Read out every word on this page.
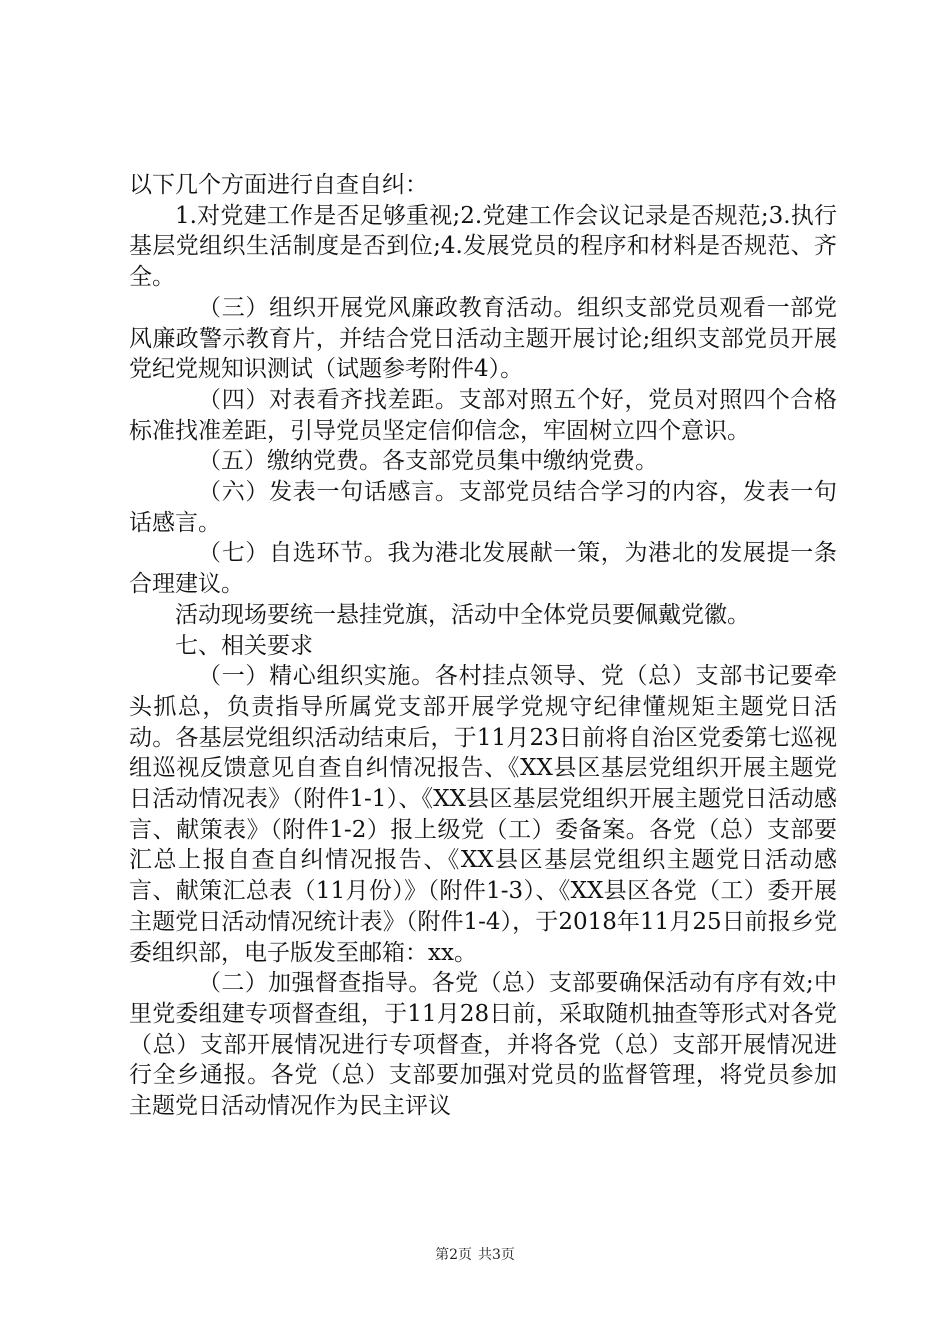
以下几个方面进行自查自纠：

1.对党建工作是否足够重视;2.党建工作会议记录是否规范;3.执行基层党组织生活制度是否到位;4.发展党员的程序和材料是否规范、齐全。

（三）组织开展党风廉政教育活动。组织支部党员观看一部党风廉政警示教育片，并结合党日活动主题开展讨论;组织支部党员开展党纪党规知识测试（试题参考附件4）。

（四）对表看齐找差距。支部对照五个好，党员对照四个合格标准找准差距，引导党员坚定信仰信念，牢固树立四个意识。

（五）缴纳党费。各支部党员集中缴纳党费。

（六）发表一句话感言。支部党员结合学习的内容，发表一句话感言。

（七）自选环节。我为港北发展献一策，为港北的发展提一条合理建议。

活动现场要统一悬挂党旗，活动中全体党员要佩戴党徽。

七、相关要求

（一）精心组织实施。各村挂点领导、党（总）支部书记要牵头抓总，负责指导所属党支部开展学党规守纪律懂规矩主题党日活动。各基层党组织活动结束后，于11月23日前将自治区党委第七巡视组巡视反馈意见自查自纠情况报告、《XX县区基层党组织开展主题党日活动情况表》（附件1-1）、《XX县区基层党组织开展主题党日活动感言、献策表》（附件1-2）报上级党（工）委备案。各党（总）支部要汇总上报自查自纠情况报告、《XX县区基层党组织主题党日活动感言、献策汇总表（11月份）》（附件1-3）、《XX县区各党（工）委开展主题党日活动情况统计表》（附件1-4），于2018年11月25日前报乡党委组织部，电子版发至邮箱：xx。

（二）加强督查指导。各党（总）支部要确保活动有序有效;中里党委组建专项督查组，于11月28日前，采取随机抽查等形式对各党（总）支部开展情况进行专项督查，并将各党（总）支部开展情况进行全乡通报。各党（总）支部要加强对党员的监督管理，将党员参加主题党日活动情况作为民主评议

第2页 共3页
